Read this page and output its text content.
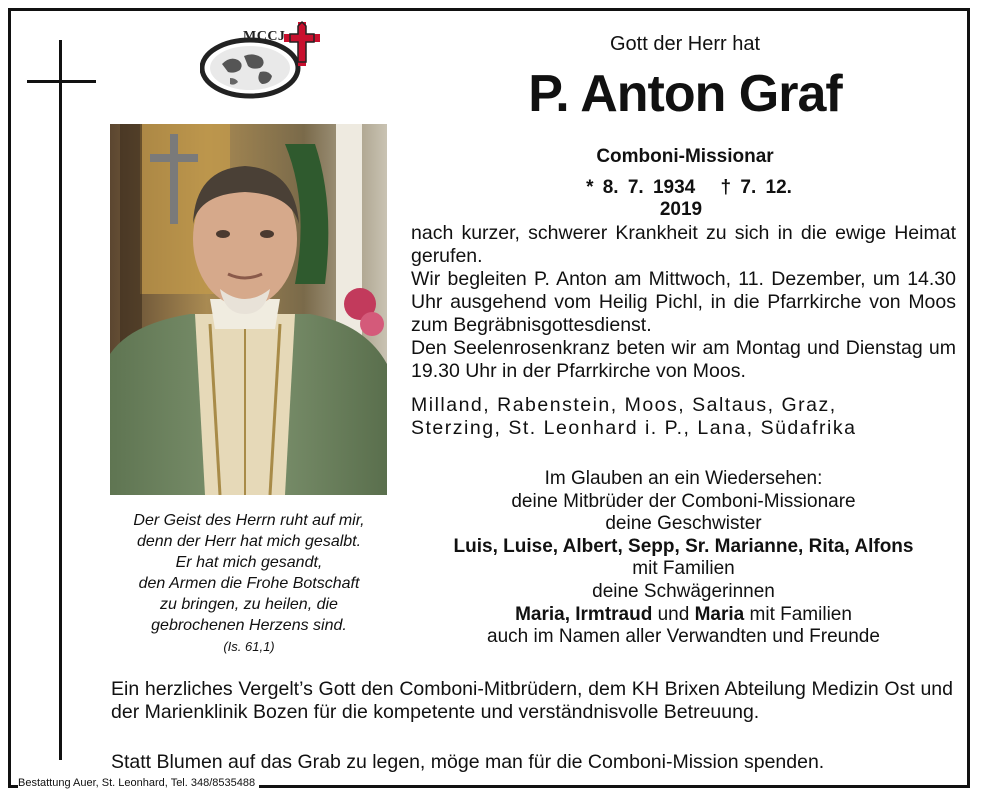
MCCJ	Gott der Herr hat
P. Anton Graf
Comboni-Missionar
* 8. 7. 1934 † 7. 12. 2019
Der Geist des Herrn ruht auf mir,
denn der Herr hat mich gesalbt.
Er hat mich gesandt,
den Armen die Frohe Botschaft
zu bringen, zu heilen, die
gebrochenen Herzens sind.
(Is. 61,1)

nach kurzer, schwerer Krankheit zu sich in die ewige Heimat gerufen.

Wir begleiten P. Anton am Mittwoch, 11. Dezember, um 14.30 Uhr ausgehend vom Heilig Pichl, in die Pfarrkirche von Moos zum Begräbnisgottesdienst.

Den Seelenrosenkranz beten wir am Montag und Dienstag um 19.30 Uhr in der Pfarrkirche von Moos.

Milland, Rabenstein, Moos, Saltaus, Graz,

Sterzing, St. Leonhard i. P., Lana, Südafrika

Im Glauben an ein Wiedersehen:
deine Mitbrüder der Comboni-Missionare
deine Geschwister
Luis, Luise, Albert, Sepp, Sr. Marianne, Rita, Alfons
mit Familien
deine Schwägerinnen
Maria, Irmtraud und Maria mit Familien
auch im Namen aller Verwandten und Freunde

Ein herzliches Vergelt’s Gott den Comboni-Mitbrüdern, dem KH Brixen Abteilung Medizin Ost und der Marienklinik Bozen für die kompetente und verständnisvolle Betreuung.

Statt Blumen auf das Grab zu legen, möge man für die Comboni-Mission spenden.
Bestattung Auer, St. Leonhard, Tel. 348/8535488
